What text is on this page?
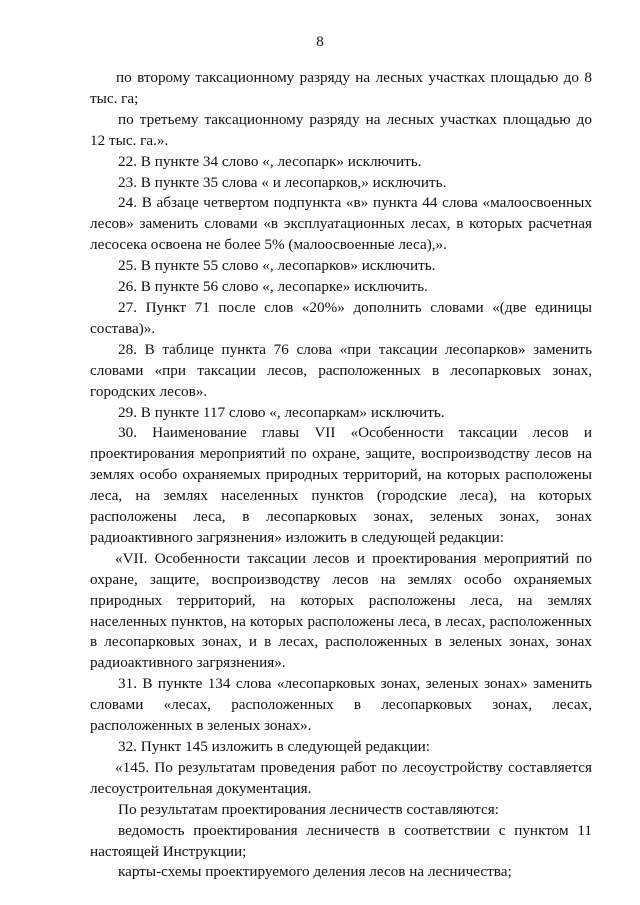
8

по второму таксационному разряду на лесных участках площадью до 8 тыс. га;

по третьему таксационному разряду на лесных участках площадью до 12 тыс. га.».

22. В пункте 34 слово «, лесопарк» исключить.

23. В пункте 35 слова « и лесопарков,» исключить.

24. В абзаце четвертом подпункта «в» пункта 44 слова «малоосвоенных лесов» заменить словами «в эксплуатационных лесах, в которых расчетная лесосека освоена не более 5% (малоосвоенные леса),».

25. В пункте 55 слово «, лесопарков» исключить.

26. В пункте 56 слово «, лесопарке» исключить.

27. Пункт 71 после слов «20%» дополнить словами «(две единицы состава)».

28. В таблице пункта 76 слова «при таксации лесопарков» заменить словами «при таксации лесов, расположенных в лесопарковых зонах, городских лесов».

29. В пункте 117 слово «, лесопаркам» исключить.

30. Наименование главы VII «Особенности таксации лесов и проектирования мероприятий по охране, защите, воспроизводству лесов на землях особо охраняемых природных территорий, на которых расположены леса, на землях населенных пунктов (городские леса), на которых расположены леса, в лесопарковых зонах, зеленых зонах, зонах радиоактивного загрязнения» изложить в следующей редакции:

«VII. Особенности таксации лесов и проектирования мероприятий по охране, защите, воспроизводству лесов на землях особо охраняемых природных территорий, на которых расположены леса, на землях населенных пунктов, на которых расположены леса, в лесах, расположенных в лесопарковых зонах, и в лесах, расположенных в зеленых зонах, зонах радиоактивного загрязнения».

31. В пункте 134 слова «лесопарковых зонах, зеленых зонах» заменить словами «лесах, расположенных в лесопарковых зонах, лесах, расположенных в зеленых зонах».

32. Пункт 145 изложить в следующей редакции:

«145. По результатам проведения работ по лесоустройству составляется лесоустроительная документация.

По результатам проектирования лесничеств составляются:

ведомость проектирования лесничеств в соответствии с пунктом 11 настоящей Инструкции;

карты-схемы проектируемого деления лесов на лесничества;
